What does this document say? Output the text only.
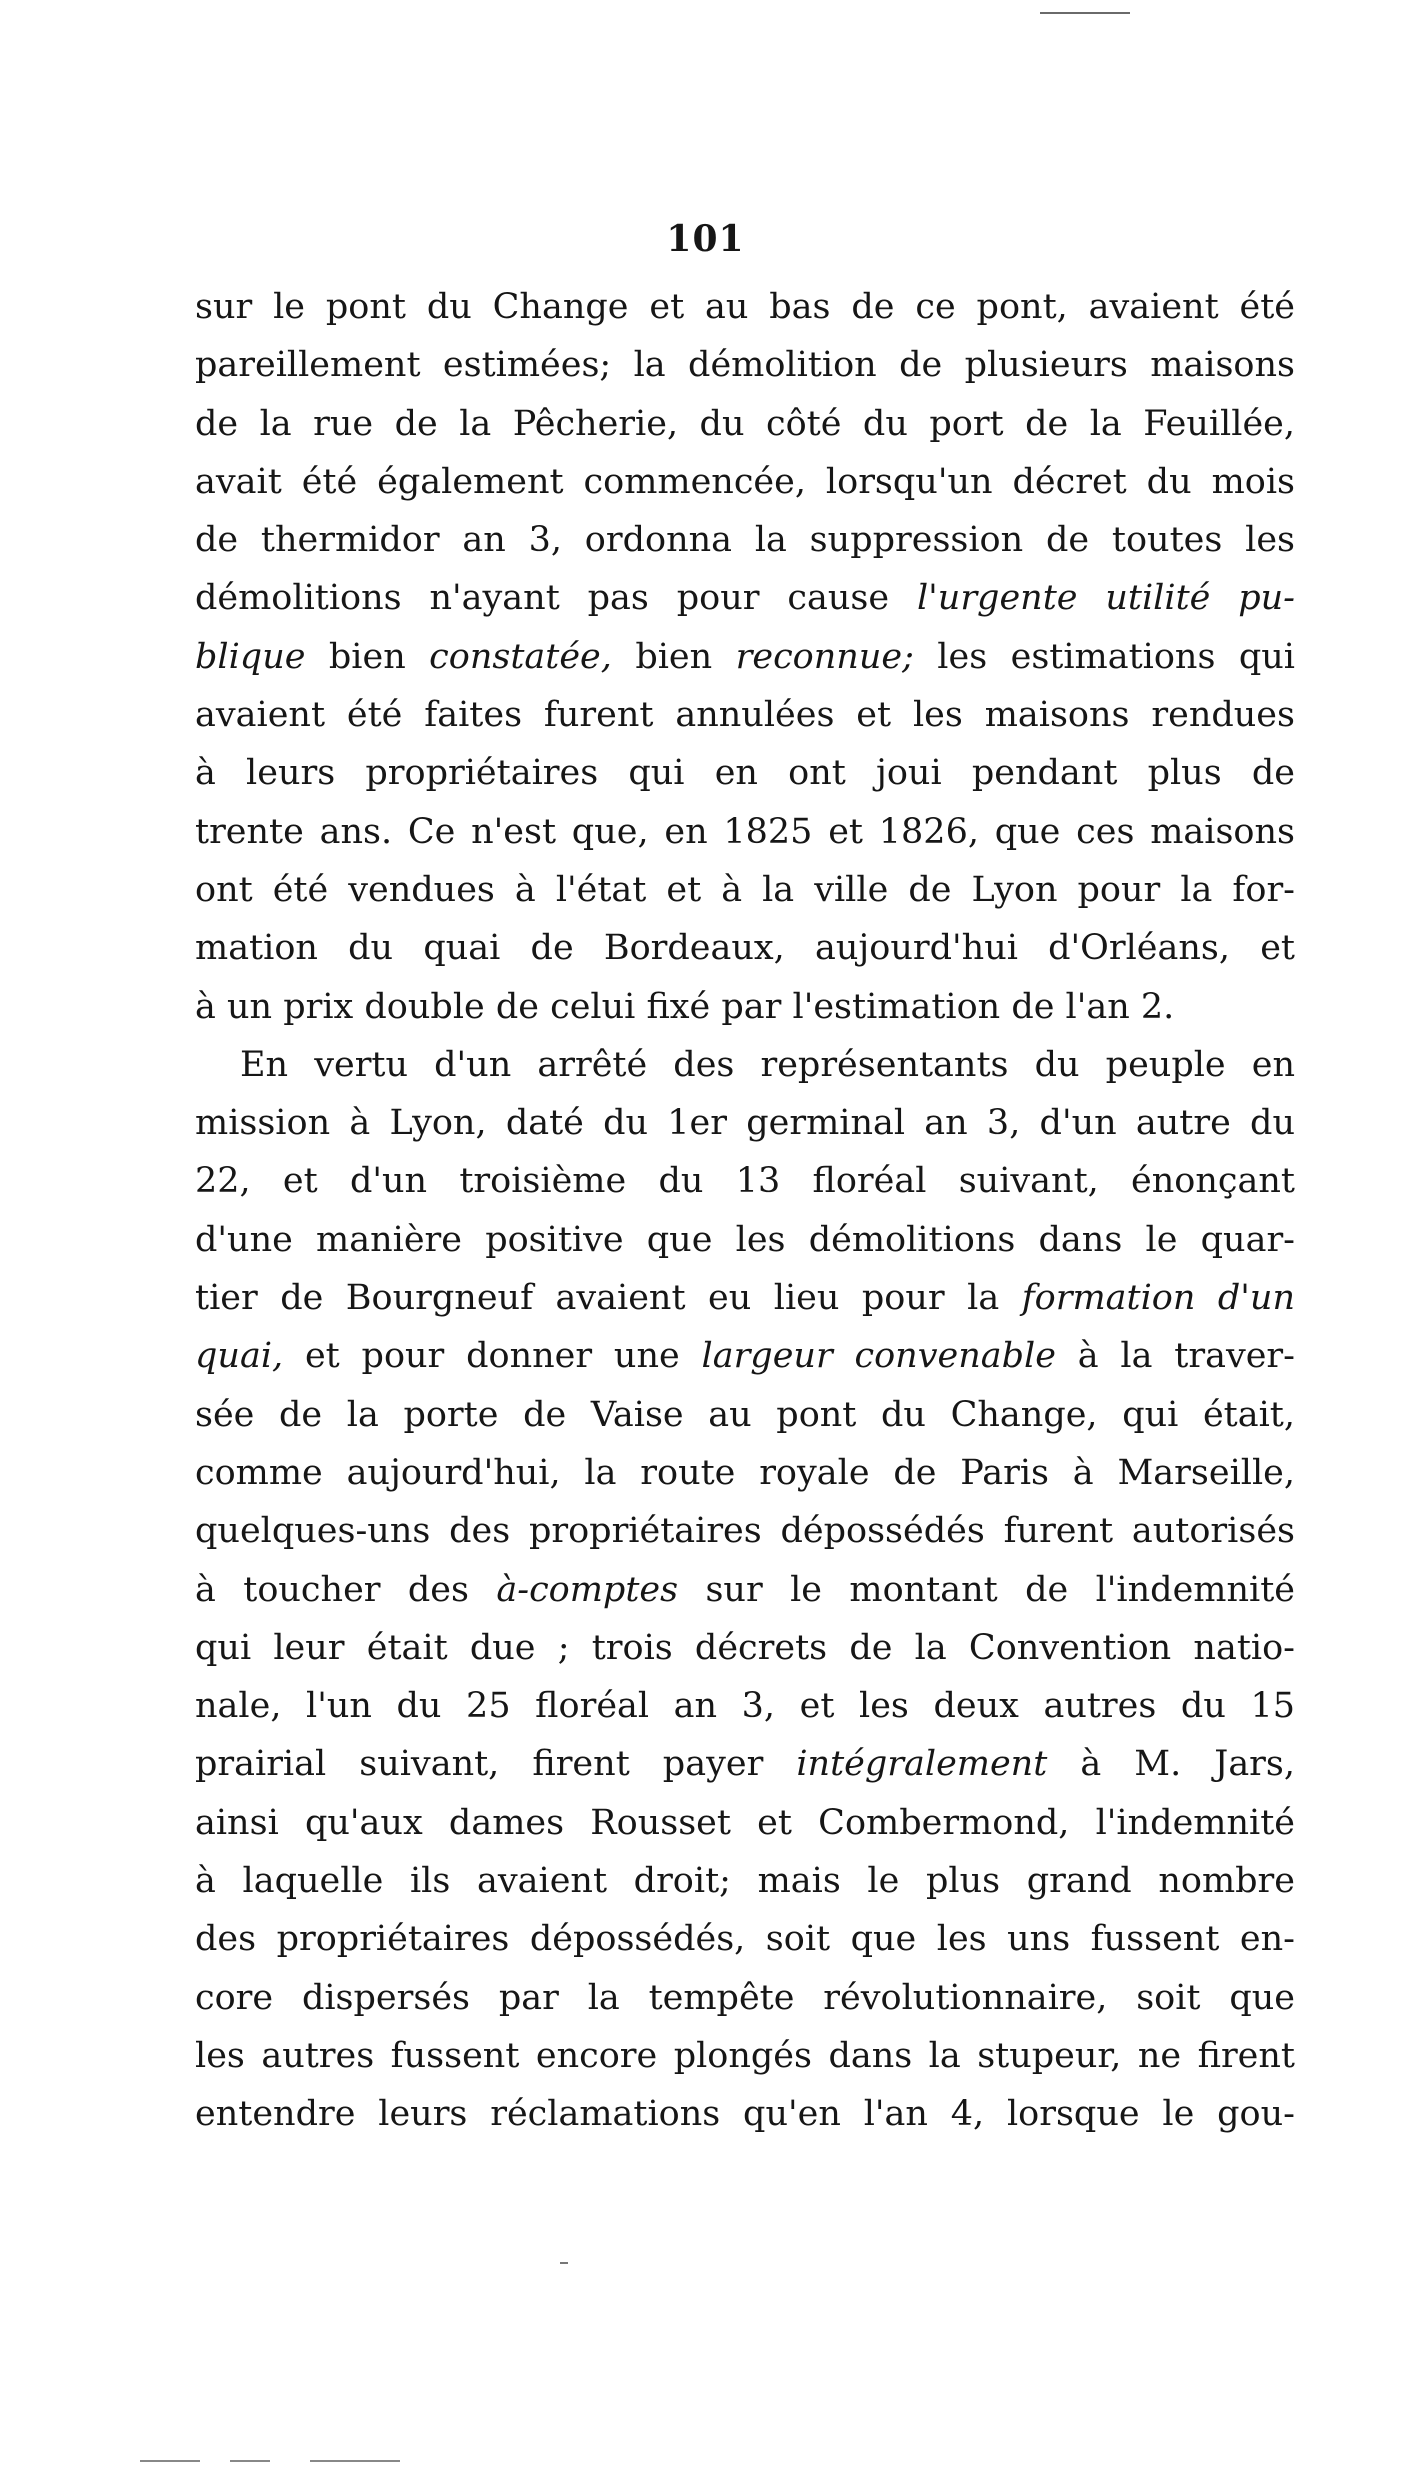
101
sur le pont du Change et au bas de ce pont, avaient été
pareillement estimées; la démolition de plusieurs maisons
de la rue de la Pêcherie, du côté du port de la Feuillée,
avait été également commencée, lorsqu'un décret du mois
de thermidor an 3, ordonna la suppression de toutes les
démolitions n'ayant pas pour cause l'urgente utilité pu-
blique bien constatée, bien reconnue; les estimations qui
avaient été faites furent annulées et les maisons rendues
à leurs propriétaires qui en ont joui pendant plus de
trente ans. Ce n'est que, en 1825 et 1826, que ces maisons
ont été vendues à l'état et à la ville de Lyon pour la for-
mation du quai de Bordeaux, aujourd'hui d'Orléans, et
à un prix double de celui fixé par l'estimation de l'an 2.
En vertu d'un arrêté des représentants du peuple en
mission à Lyon, daté du 1er germinal an 3, d'un autre du
22, et d'un troisième du 13 floréal suivant, énonçant
d'une manière positive que les démolitions dans le quar-
tier de Bourgneuf avaient eu lieu pour la formation d'un
quai, et pour donner une largeur convenable à la traver-
sée de la porte de Vaise au pont du Change, qui était,
comme aujourd'hui, la route royale de Paris à Marseille,
quelques-uns des propriétaires dépossédés furent autorisés
à toucher des à-comptes sur le montant de l'indemnité
qui leur était due ; trois décrets de la Convention natio-
nale, l'un du 25 floréal an 3, et les deux autres du 15
prairial suivant, firent payer intégralement à M. Jars,
ainsi qu'aux dames Rousset et Combermond, l'indemnité
à laquelle ils avaient droit; mais le plus grand nombre
des propriétaires dépossédés, soit que les uns fussent en-
core dispersés par la tempête révolutionnaire, soit que
les autres fussent encore plongés dans la stupeur, ne firent
entendre leurs réclamations qu'en l'an 4, lorsque le gou-
